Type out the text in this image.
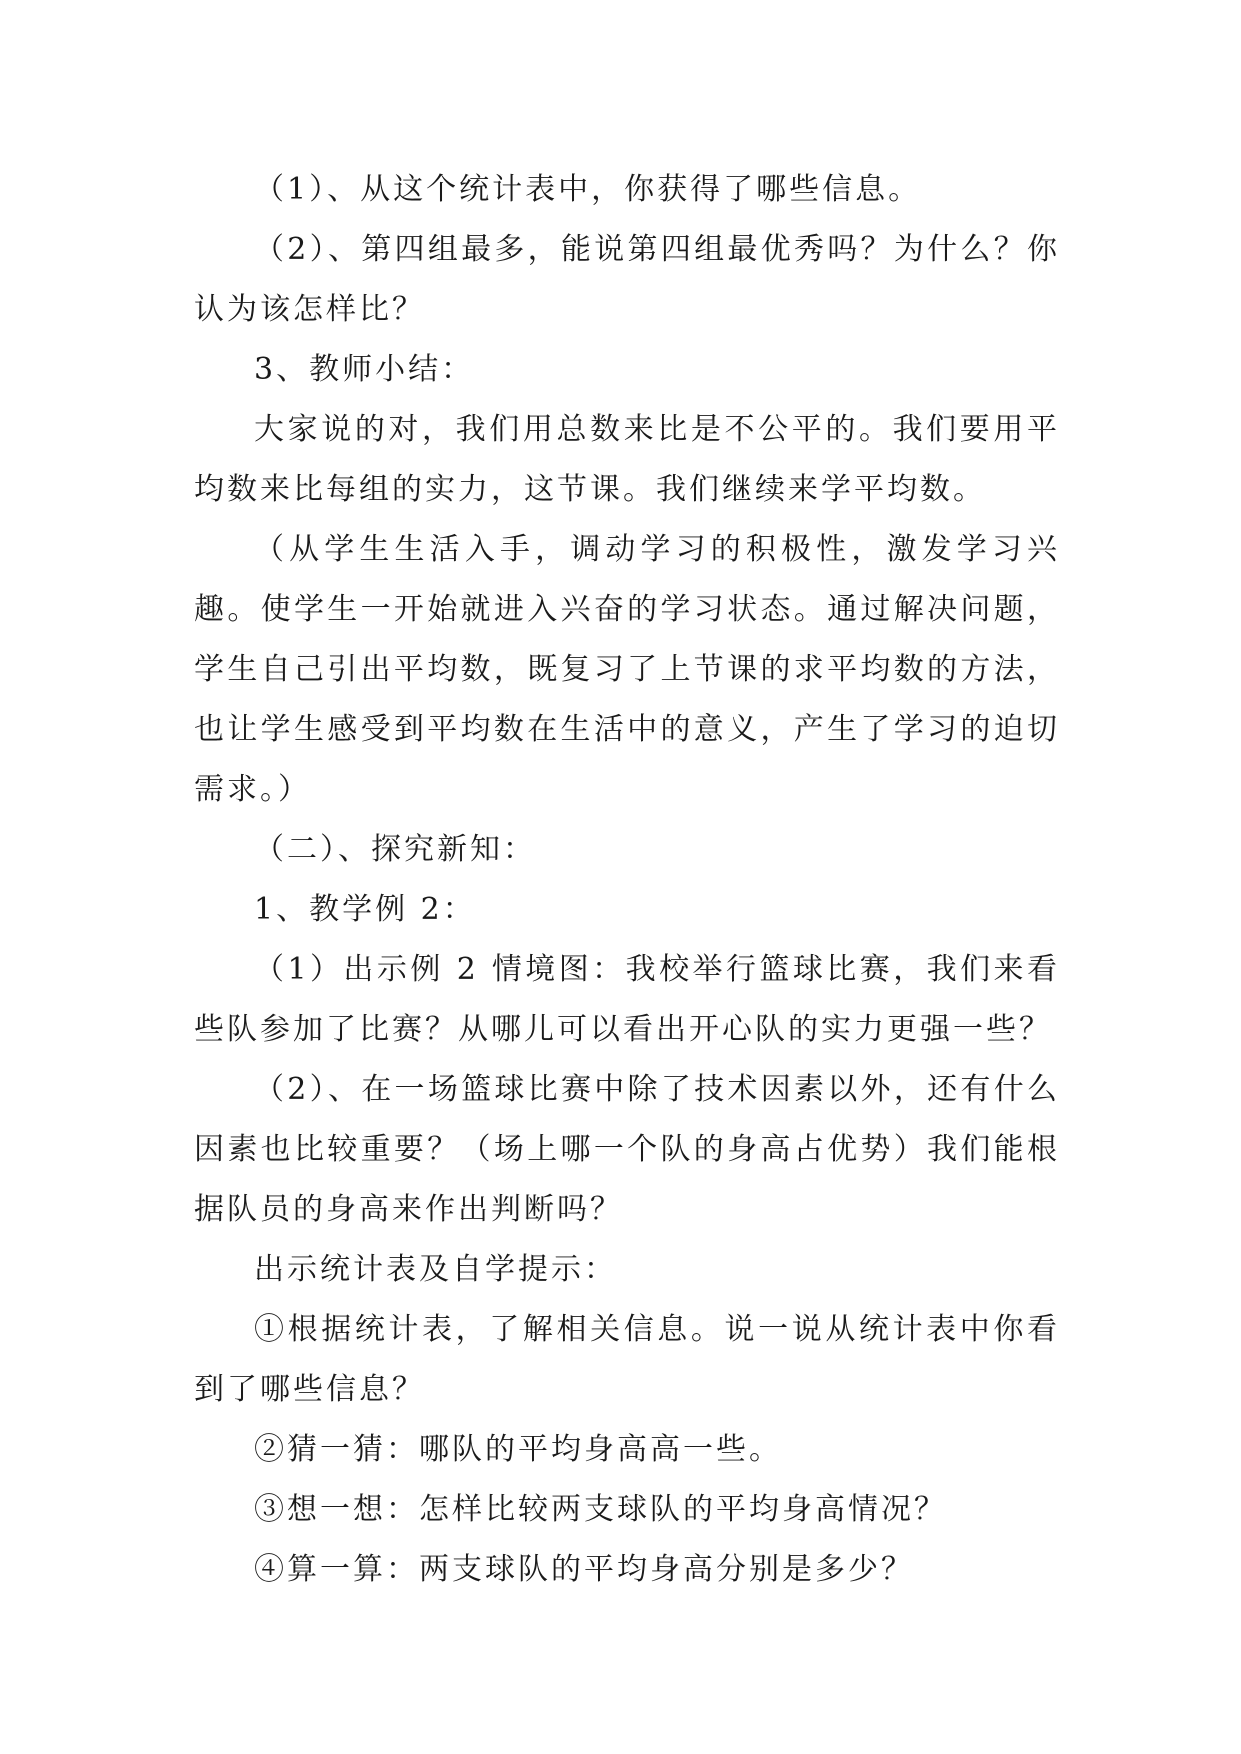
（1）、从这个统计表中，你获得了哪些信息。

（2）、第四组最多，能说第四组最优秀吗？为什么？你认为该怎样比？

3、教师小结：

大家说的对，我们用总数来比是不公平的。我们要用平均数来比每组的实力，这节课。我们继续来学平均数。

（从学生生活入手，调动学习的积极性，激发学习兴趣。使学生一开始就进入兴奋的学习状态。通过解决问题，学生自己引出平均数，既复习了上节课的求平均数的方法，也让学生感受到平均数在生活中的意义，产生了学习的迫切需求。）

（二）、探究新知：

1、教学例 2：

（1）出示例 2 情境图：我校举行篮球比赛，我们来看些队参加了比赛？从哪儿可以看出开心队的实力更强一些？

（2）、在一场篮球比赛中除了技术因素以外，还有什么因素也比较重要？（场上哪一个队的身高占优势）我们能根据队员的身高来作出判断吗？

出示统计表及自学提示：

①根据统计表，了解相关信息。说一说从统计表中你看到了哪些信息？

②猜一猜：哪队的平均身高高一些。

③想一想：怎样比较两支球队的平均身高情况？

④算一算：两支球队的平均身高分别是多少？
